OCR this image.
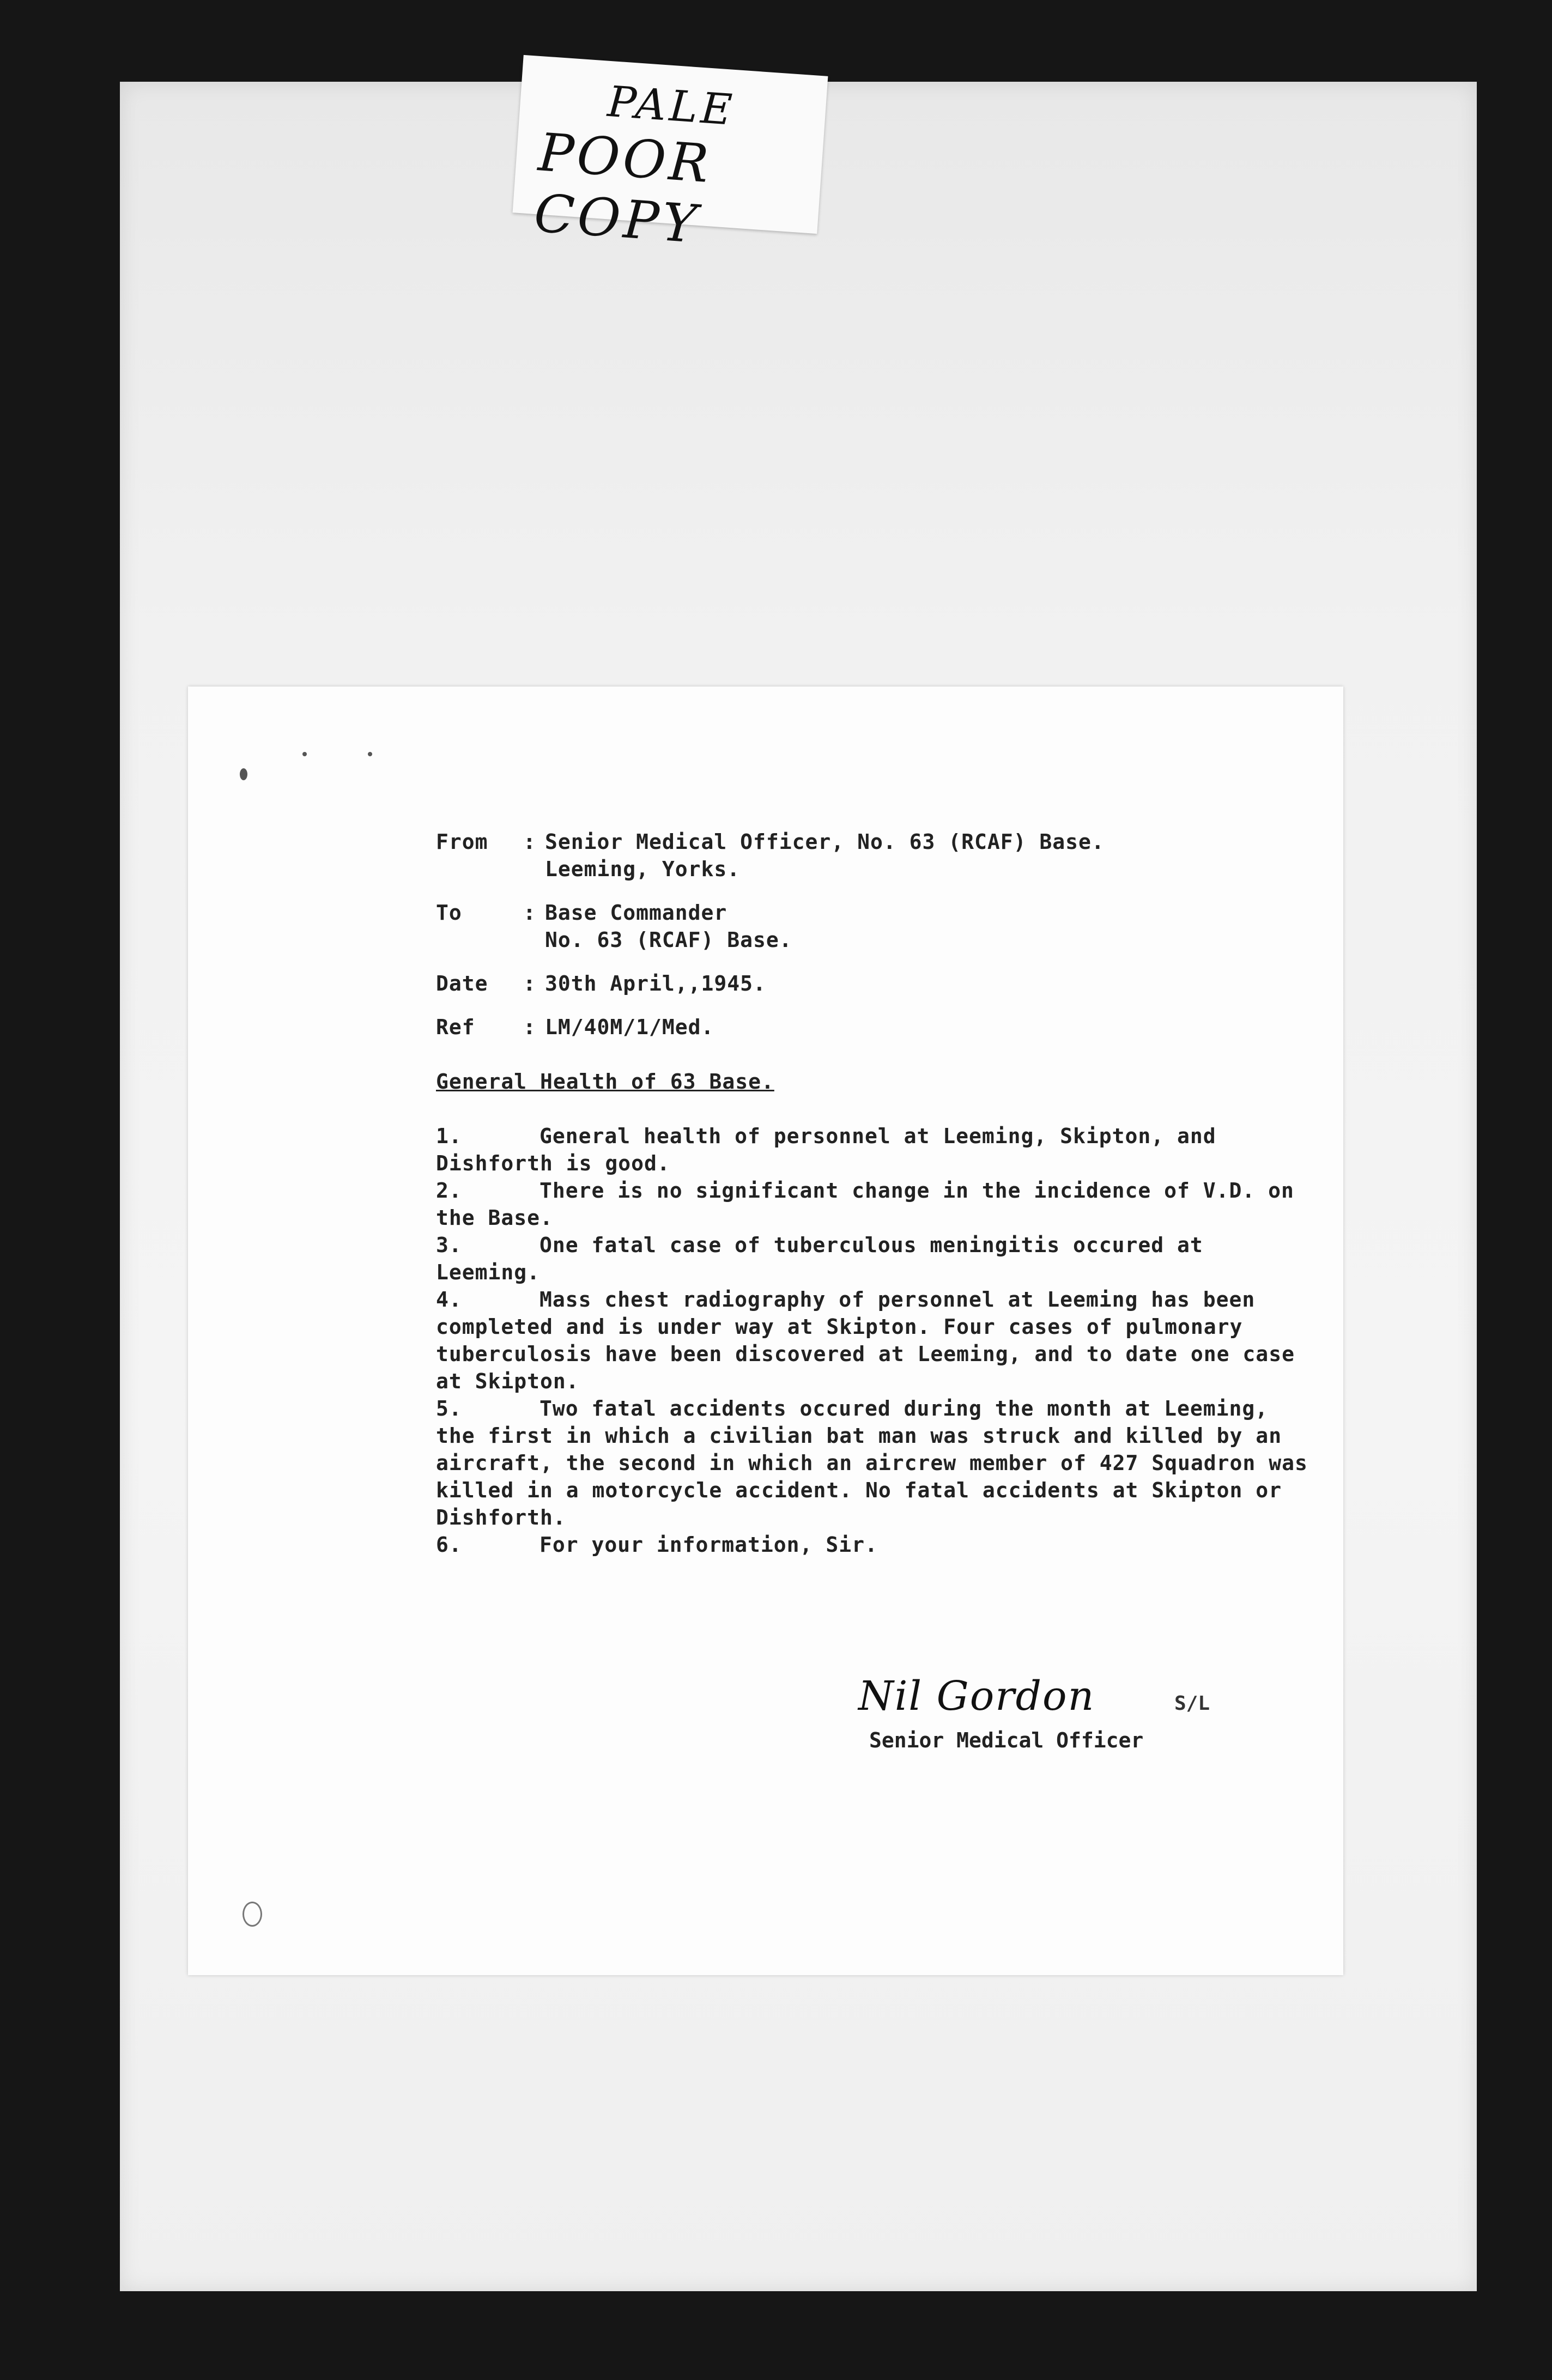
PALE
POOR COPY
From	: Senior Medical Officer, No. 63 (RCAF) Base.
Leeming, Yorks.
To	: Base Commander
No. 63 (RCAF) Base.
Date	: 30th April,,1945.
Ref	: LM/40M/1/Med.
General Health of 63 Base.
1.	General health of personnel at Leeming, Skipton, and Dishforth is good.
2.	There is no significant change in the incidence of V.D. on the Base.
3.	One fatal case of tuberculous meningitis occured at Leeming.
4.	Mass chest radiography of personnel at Leeming has been completed and is under way at Skipton. Four cases of pulmonary tuberculosis have been discovered at Leeming, and to date one case at Skipton.
5.	Two fatal accidents occured during the month at Leeming, the first in which a civilian bat man was struck and killed by an aircraft, the second in which an aircrew member of 427 Squadron was killed in a motorcycle accident. No fatal accidents at Skipton or Dishforth.
6.	For your information, Sir.
Nil Gordon	S/L
Senior Medical Officer
